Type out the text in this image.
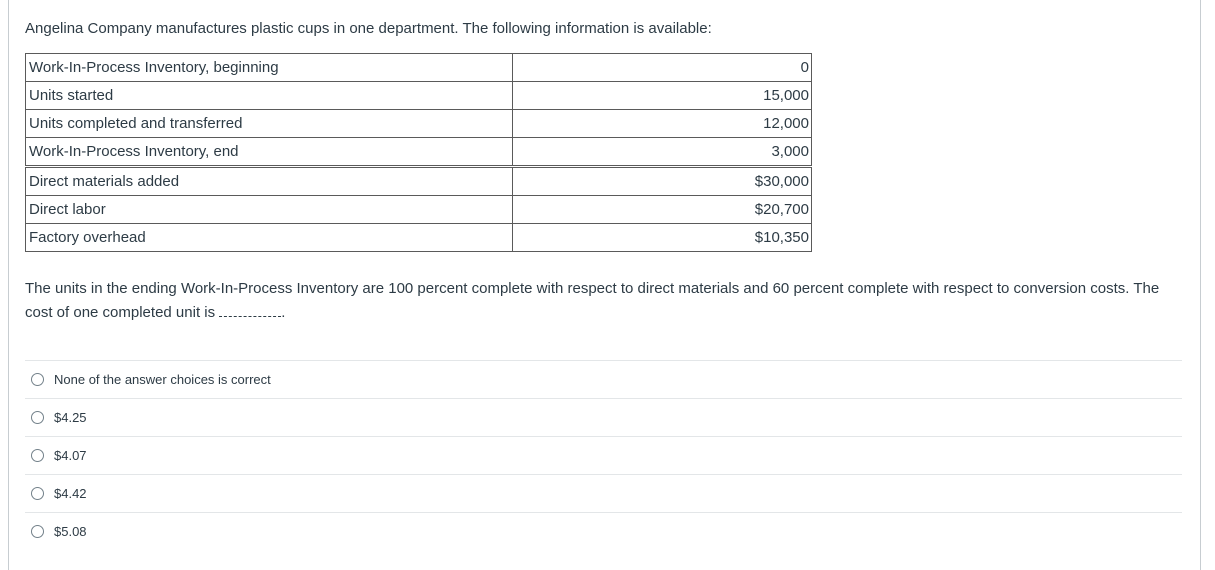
Angelina Company manufactures plastic cups in one department. The following information is available:

Work-In-Process Inventory, beginning	0
Units started	15,000
Units completed and transferred	12,000
Work-In-Process Inventory, end	3,000
Direct materials added	$30,000
Direct labor	$20,700
Factory overhead	$10,350

The units in the ending Work-In-Process Inventory are 100 percent complete with respect to direct materials and 60 percent complete with respect to conversion costs. The cost of one completed unit is	.

None of the answer choices is correct
$4.25
$4.07
$4.42
$5.08
